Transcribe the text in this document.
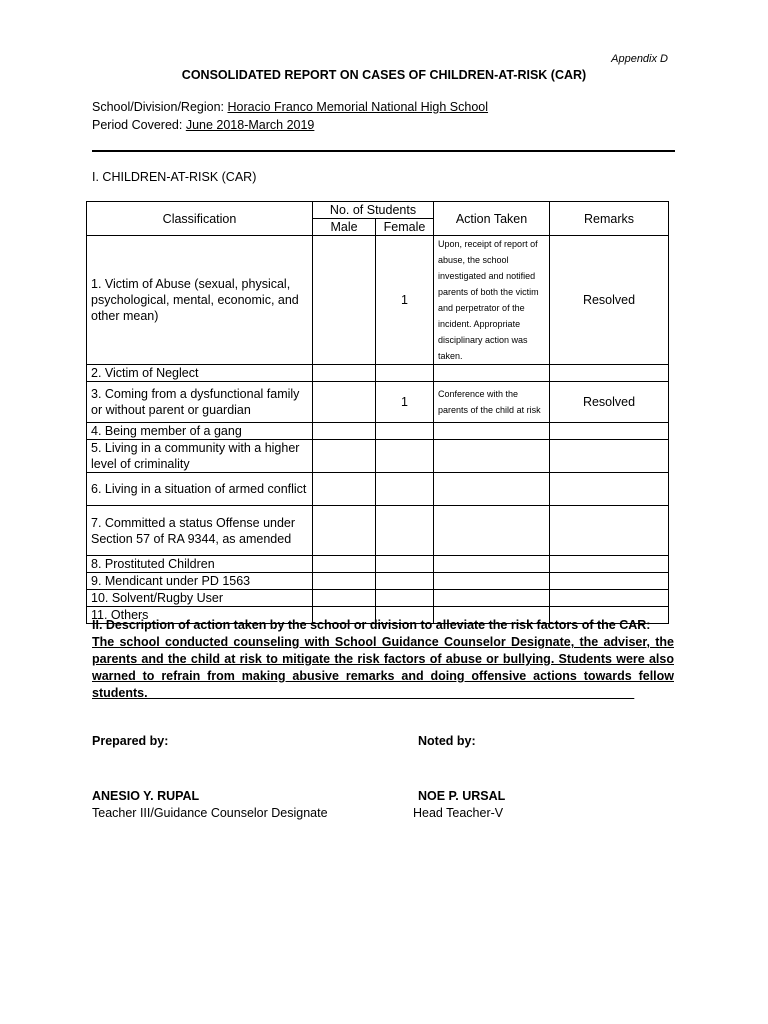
Appendix D
CONSOLIDATED REPORT ON CASES OF CHILDREN-AT-RISK (CAR)
School/Division/Region: Horacio Franco Memorial National High School
Period Covered: June 2018-March 2019
I. CHILDREN-AT-RISK (CAR)
Classification	No. of Students		Action Taken	Remarks
	Male	Female		
1. Victim of Abuse (sexual, physical, psychological, mental, economic, and other mean)		1	Upon, receipt of report of abuse, the school investigated and notified parents of both the victim and perpetrator of the incident. Appropriate disciplinary action was taken.	Resolved
2. Victim of Neglect				
3. Coming from a dysfunctional family or without parent or guardian		1	Conference with the parents of the child at risk	Resolved
4. Being member of a gang				
5. Living in a community with a higher level of criminality				
6. Living in a situation of armed conflict				
7. Committed a status Offense under Section 57 of RA 9344, as amended				
8. Prostituted Children				
9. Mendicant under PD 1563				
10. Solvent/Rugby User				
11. Others				
II. Description of action taken by the school or division to alleviate the risk factors of the CAR:
The school conducted counseling with School Guidance Counselor Designate, the adviser, the parents and the child at risk to mitigate the risk factors of abuse or bullying. Students were also warned to refrain from making abusive remarks and doing offensive actions towards fellow students.______________________________________________________________________
Prepared by:	Noted by:
ANESIO Y. RUPAL
Teacher III/Guidance Counselor Designate
NOE P. URSAL
Head Teacher-V
